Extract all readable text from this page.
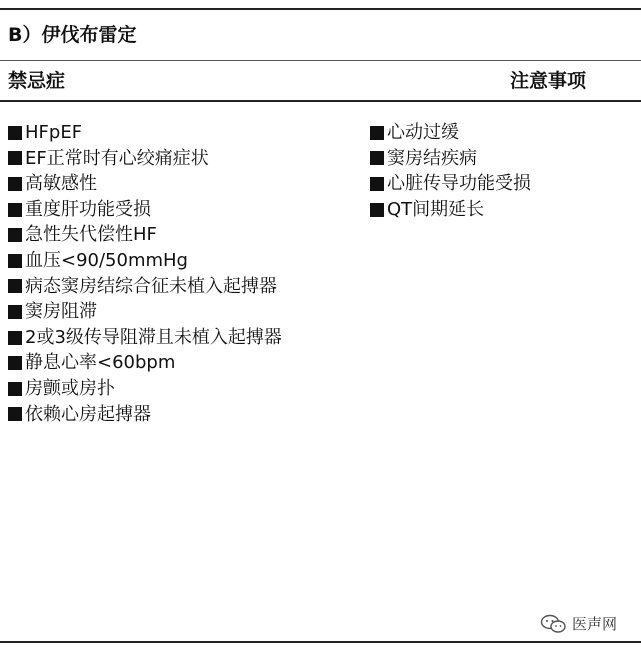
B）伊伐布雷定
禁忌症	注意事项
HFpEF
EF正常时有心绞痛症状
高敏感性
重度肝功能受损
急性失代偿性HF
血压<90/50mmHg
病态窦房结综合征未植入起搏器
窦房阻滞
2或3级传导阻滞且未植入起搏器
静息心率<60bpm
房颤或房扑
依赖心房起搏器
心动过缓
窦房结疾病
心脏传导功能受损
QT间期延长
医声网
